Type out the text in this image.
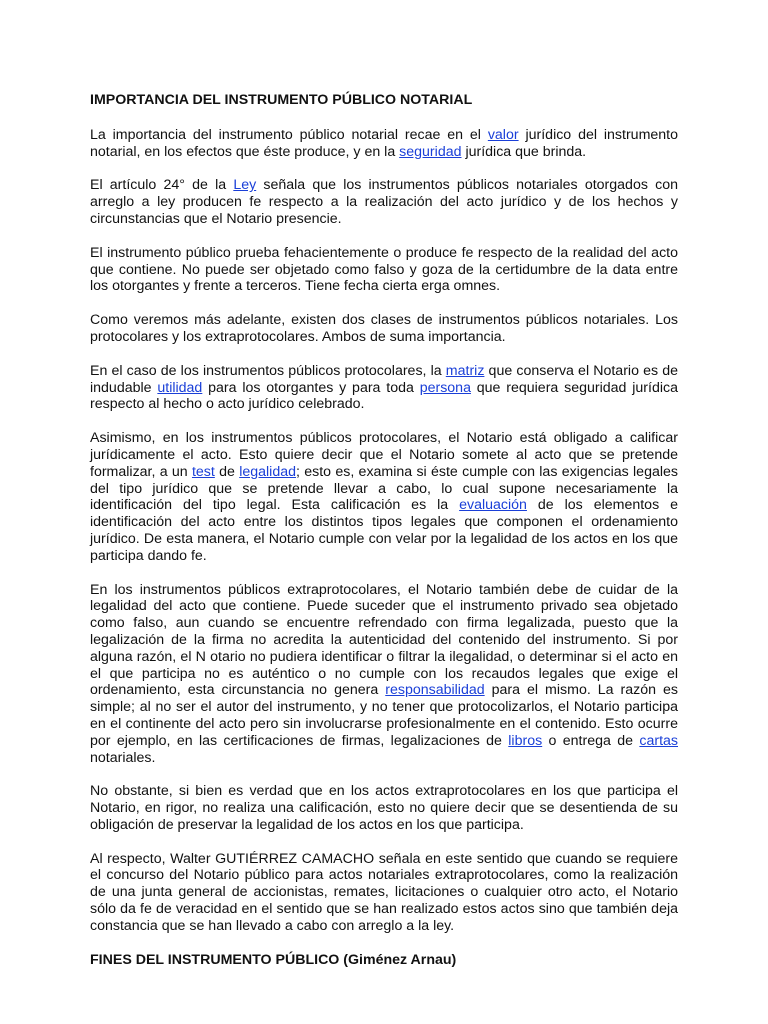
IMPORTANCIA DEL INSTRUMENTO PÚBLICO NOTARIAL

La importancia del instrumento público notarial recae en el valor jurídico del instrumento notarial, en los efectos que éste produce, y en la seguridad jurídica que brinda.

El artículo 24° de la Ley señala que los instrumentos públicos notariales otorgados con arreglo a ley producen fe respecto a la realización del acto jurídico y de los hechos y circunstancias que el Notario presencie.

El instrumento público prueba fehacientemente o produce fe respecto de la realidad del acto que contiene. No puede ser objetado como falso y goza de la certidumbre de la data entre los otorgantes y frente a terceros. Tiene fecha cierta erga omnes.

Como veremos más adelante, existen dos clases de instrumentos públicos notariales. Los protocolares y los extraprotocolares. Ambos de suma importancia.

En el caso de los instrumentos públicos protocolares, la matriz que conserva el Notario es de indudable utilidad para los otorgantes y para toda persona que requiera seguridad jurídica respecto al hecho o acto jurídico celebrado.

Asimismo, en los instrumentos públicos protocolares, el Notario está obligado a calificar jurídicamente el acto. Esto quiere decir que el Notario somete al acto que se pretende formalizar, a un test de legalidad; esto es, examina si éste cumple con las exigencias legales del tipo jurídico que se pretende llevar a cabo, lo cual supone necesariamente la identificación del tipo legal. Esta calificación es la evaluación de los elementos e identificación del acto entre los distintos tipos legales que componen el ordenamiento jurídico. De esta manera, el Notario cumple con velar por la legalidad de los actos en los que participa dando fe.

En los instrumentos públicos extraprotocolares, el Notario también debe de cuidar de la legalidad del acto que contiene. Puede suceder que el instrumento privado sea objetado como falso, aun cuando se encuentre refrendado con firma legalizada, puesto que la legalización de la firma no acredita la autenticidad del contenido del instrumento. Si por alguna razón, el N otario no pudiera identificar o filtrar la ilegalidad, o determinar si el acto en el que participa no es auténtico o no cumple con los recaudos legales que exige el ordenamiento, esta circunstancia no genera responsabilidad para el mismo. La razón es simple; al no ser el autor del instrumento, y no tener que protocolizarlos, el Notario participa en el continente del acto pero sin involucrarse profesionalmente en el contenido. Esto ocurre por ejemplo, en las certificaciones de firmas, legalizaciones de libros o entrega de cartas notariales.

No obstante, si bien es verdad que en los actos extraprotocolares en los que participa el Notario, en rigor, no realiza una calificación, esto no quiere decir que se desentienda de su obligación de preservar la legalidad de los actos en los que participa.

Al respecto, Walter GUTIÉRREZ CAMACHO señala en este sentido que cuando se requiere el concurso del Notario público para actos notariales extraprotocolares, como la realización de una junta general de accionistas, remates, licitaciones o cualquier otro acto, el Notario sólo da fe de veracidad en el sentido que se han realizado estos actos sino que también deja constancia que se han llevado a cabo con arreglo a la ley.

FINES DEL INSTRUMENTO PÚBLICO (Giménez Arnau)
